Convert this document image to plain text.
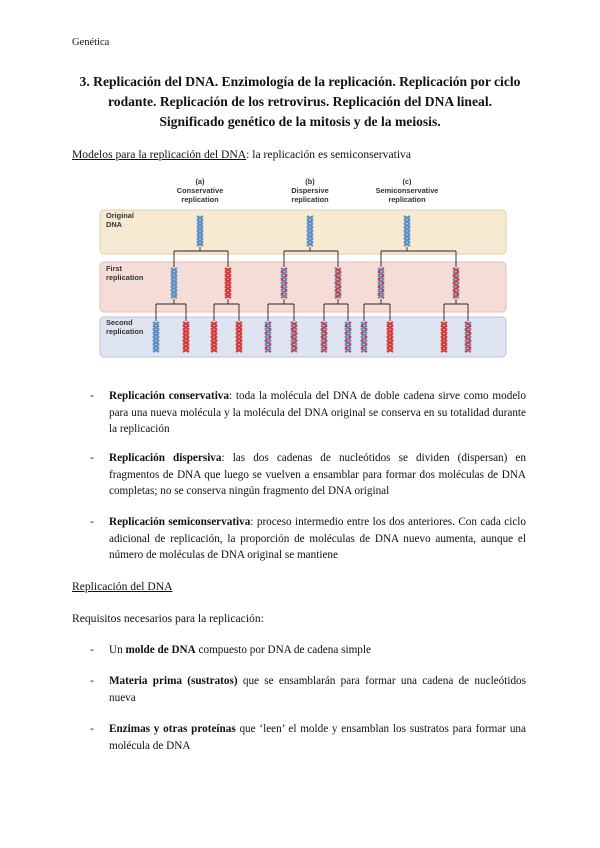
Genética
3. Replicación del DNA. Enzimología de la replicación. Replicación por ciclo rodante. Replicación de los retrovirus. Replicación del DNA lineal. Significado genético de la mitosis y de la meiosis.
Modelos para la replicación del DNA: la replicación es semiconservativa
(a)
Conservative
replication
(b)
Dispersive
replication
(c)
Semiconservative
replication
Original
DNA
First
replication
Second
replication
- Replicación conservativa: toda la molécula del DNA de doble cadena sirve como modelo para una nueva molécula y la molécula del DNA original se conserva en su totalidad durante la replicación
- Replicación dispersiva: las dos cadenas de nucleótidos se dividen (dispersan) en fragmentos de DNA que luego se vuelven a ensamblar para formar dos moléculas de DNA completas; no se conserva ningún fragmento del DNA original
- Replicación semiconservativa: proceso intermedio entre los dos anteriores. Con cada ciclo adicional de replicación, la proporción de moléculas de DNA nuevo aumenta, aunque el número de moléculas de DNA original se mantiene
Replicación del DNA
Requisitos necesarios para la replicación:
- Un molde de DNA compuesto por DNA de cadena simple
- Materia prima (sustratos) que se ensamblarán para formar una cadena de nucleótidos nueva
- Enzimas y otras proteínas que ‘leen’ el molde y ensamblan los sustratos para formar una molécula de DNA
